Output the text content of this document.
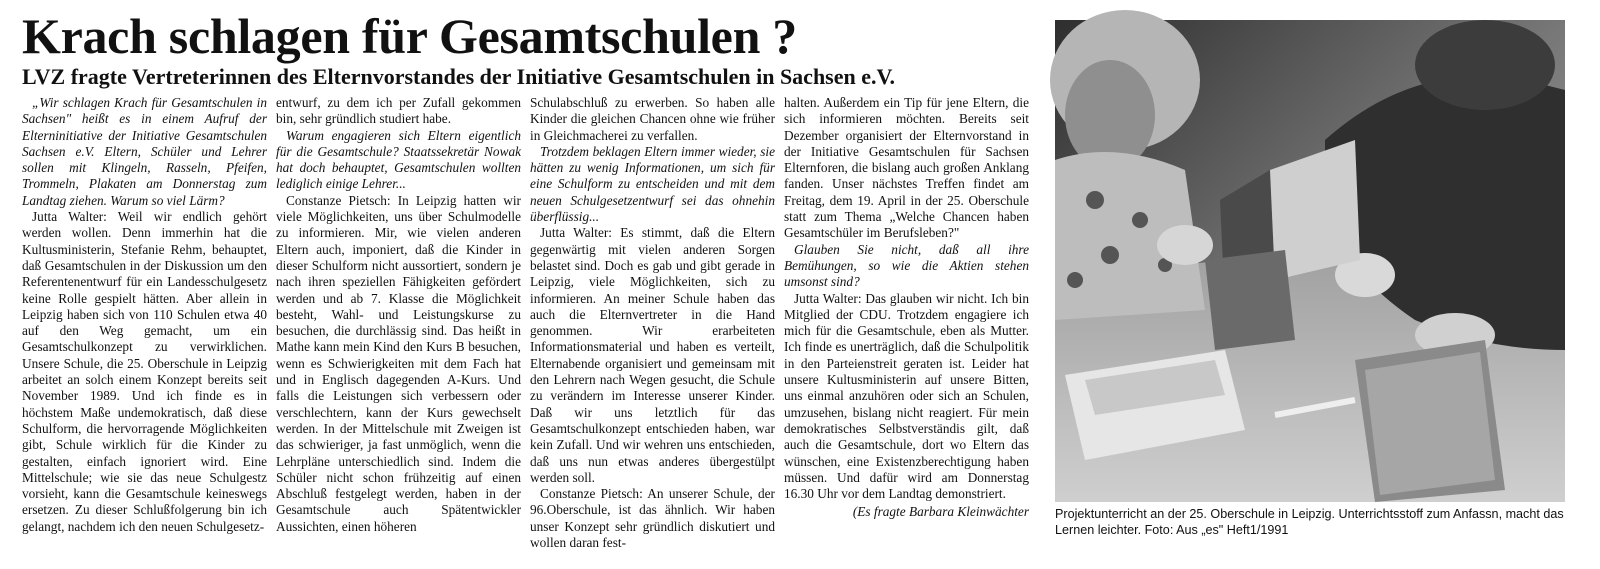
Krach schlagen für Gesamtschulen ?
LVZ fragte Vertreterinnen des Elternvorstandes der Initiative Gesamtschulen in Sachsen e.V.

„Wir schlagen Krach für Gesamtschulen in Sachsen" heißt es in einem Aufruf der Elterninitiative der Initiative Gesamtschulen Sachsen e.V. Eltern, Schüler und Lehrer sollen mit Klingeln, Rasseln, Pfeifen, Trommeln, Plakaten am Donnerstag zum Landtag ziehen. Warum so viel Lärm?

Jutta Walter: Weil wir endlich gehört werden wollen. Denn immerhin hat die Kultusministerin, Stefanie Rehm, behauptet, daß Gesamtschulen in der Diskussion um den Referentenentwurf für ein Landesschulgesetz keine Rolle gespielt hätten. Aber allein in Leipzig haben sich von 110 Schulen etwa 40 auf den Weg gemacht, um ein Gesamtschulkonzept zu verwirklichen. Unsere Schule, die 25. Oberschule in Leipzig arbeitet an solch einem Konzept bereits seit November 1989. Und ich finde es in höchstem Maße undemokratisch, daß diese Schulform, die hervorragende Möglichkeiten gibt, Schule wirklich für die Kinder zu gestalten, einfach ignoriert wird. Eine Mittelschule; wie sie das neue Schulgestz vorsieht, kann die Gesamtschule keineswegs ersetzen. Zu dieser Schlußfolgerung bin ich gelangt, nachdem ich den neuen Schulgesetz-

entwurf, zu dem ich per Zufall gekommen bin, sehr gründlich studiert habe.

Warum engagieren sich Eltern eigentlich für die Gesamtschule? Staatssekretär Nowak hat doch behauptet, Gesamtschulen wollten lediglich einige Lehrer...

Constanze Pietsch: In Leipzig hatten wir viele Möglichkeiten, uns über Schulmodelle zu informieren. Mir, wie vielen anderen Eltern auch, imponiert, daß die Kinder in dieser Schulform nicht aussortiert, sondern je nach ihren speziellen Fähigkeiten gefördert werden und ab 7. Klasse die Möglichkeit besteht, Wahl- und Leistungskurse zu besuchen, die durchlässig sind. Das heißt in Mathe kann mein Kind den Kurs B besuchen, wenn es Schwierigkeiten mit dem Fach hat und in Englisch dagegenden A-Kurs. Und falls die Leistungen sich verbessern oder verschlechtern, kann der Kurs gewechselt werden. In der Mittelschule mit Zweigen ist das schwieriger, ja fast unmöglich, wenn die Lehrpläne unterschiedlich sind. Indem die Schüler nicht schon frühzeitig auf einen Abschluß festgelegt werden, haben in der Gesamtschule auch Spätentwickler Aussichten, einen höheren

Schulabschluß zu erwerben. So haben alle Kinder die gleichen Chancen ohne wie früher in Gleichmacherei zu verfallen.

Trotzdem beklagen Eltern immer wieder, sie hätten zu wenig Informationen, um sich für eine Schulform zu entscheiden und mit dem neuen Schulgesetzentwurf sei das ohnehin überflüssig...

Jutta Walter: Es stimmt, daß die Eltern gegenwärtig mit vielen anderen Sorgen belastet sind. Doch es gab und gibt gerade in Leipzig, viele Möglichkeiten, sich zu informieren. An meiner Schule haben das auch die Elternvertreter in die Hand genommen. Wir erarbeiteten Informationsmaterial und haben es verteilt, Elternabende organisiert und gemeinsam mit den Lehrern nach Wegen gesucht, die Schule zu verändern im Interesse unserer Kinder. Daß wir uns letztlich für das Gesamtschulkonzept entschieden haben, war kein Zufall. Und wir wehren uns entschieden, daß uns nun etwas anderes übergestülpt werden soll.

Constanze Pietsch: An unserer Schule, der 96.Oberschule, ist das ähnlich. Wir haben unser Konzept sehr gründlich diskutiert und wollen daran fest-

halten. Außerdem ein Tip für jene Eltern, die sich informieren möchten. Bereits seit Dezember organisiert der Elternvorstand in der Initiative Gesamtschulen für Sachsen Elternforen, die bislang auch großen Anklang fanden. Unser nächstes Treffen findet am Freitag, dem 19. April in der 25. Oberschule statt zum Thema „Welche Chancen haben Gesamtschüler im Berufsleben?"

Glauben Sie nicht, daß all ihre Bemühungen, so wie die Aktien stehen umsonst sind?

Jutta Walter: Das glauben wir nicht. Ich bin Mitglied der CDU. Trotzdem engagiere ich mich für die Gesamtschule, eben als Mutter. Ich finde es unerträglich, daß die Schulpolitik in den Parteienstreit geraten ist. Leider hat unsere Kultusministerin auf unsere Bitten, uns einmal anzuhören oder sich an Schulen, umzusehen, bislang nicht reagiert. Für mein demokratisches Selbstverständis gilt, daß auch die Gesamtschule, dort wo Eltern das wünschen, eine Existenzberechtigung haben müssen. Und dafür wird am Donnerstag 16.30 Uhr vor dem Landtag demonstriert.

(Es fragte Barbara Kleinwächter Projektunterricht an der 25. Oberschule in Leipzig. Unterrichtsstoff zum Anfassn, macht das Lernen leichter. Foto: Aus „es" Heft1/1991
